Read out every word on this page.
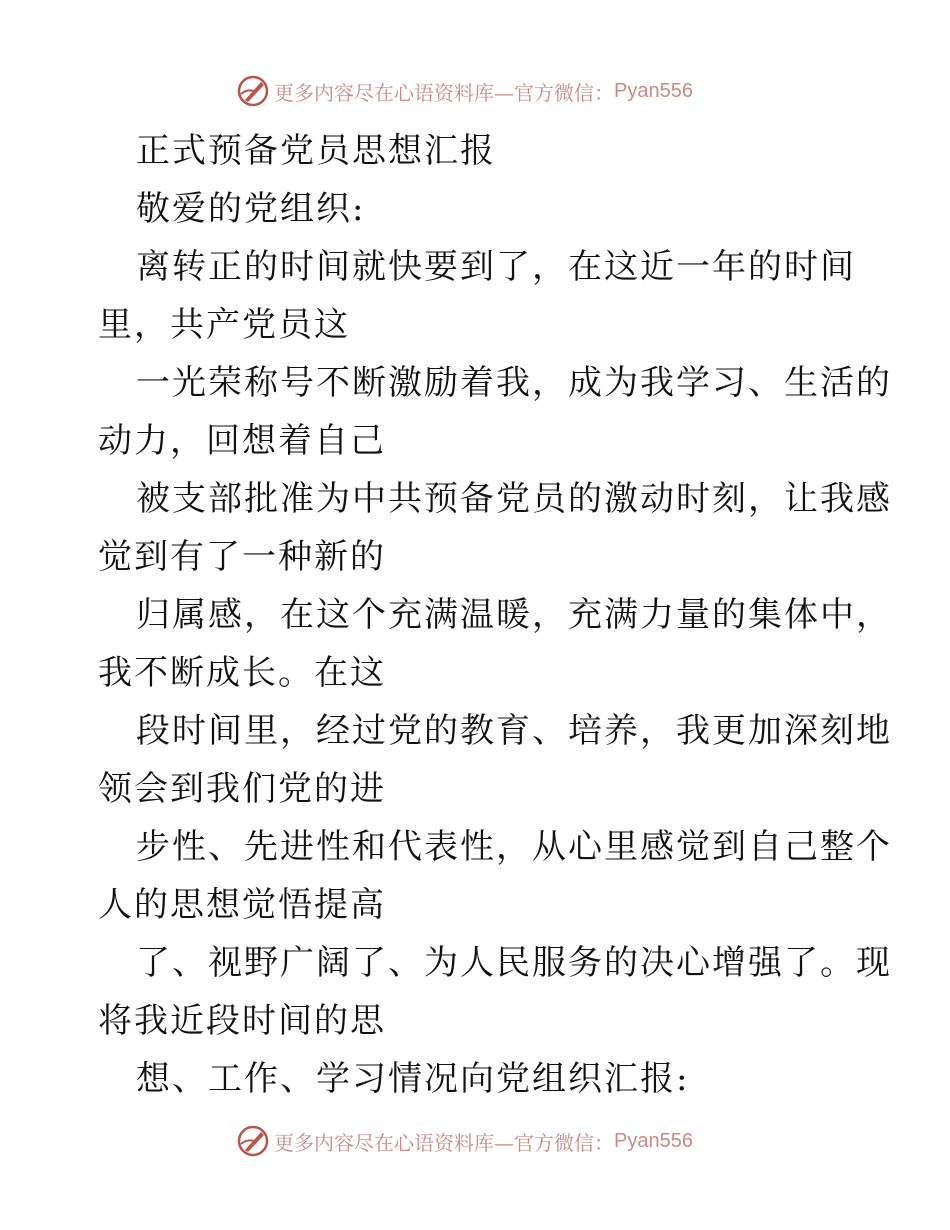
更多内容尽在心语资料库—官方微信： Pyan556
正式预备党员思想汇报
敬爱的党组织:
离转正的时间就快要到了，在这近一年的时间
里，共产党员这
一光荣称号不断激励着我，成为我学习、生活的
动力，回想着自己
被支部批准为中共预备党员的激动时刻，让我感
觉到有了一种新的
归属感，在这个充满温暖，充满力量的集体中，
我不断成长。在这
段时间里，经过党的教育、培养，我更加深刻地
领会到我们党的进
步性、先进性和代表性，从心里感觉到自己整个
人的思想觉悟提高
了、视野广阔了、为人民服务的决心增强了。现
将我近段时间的思
想、工作、学习情况向党组织汇报:
更多内容尽在心语资料库—官方微信： Pyan556
